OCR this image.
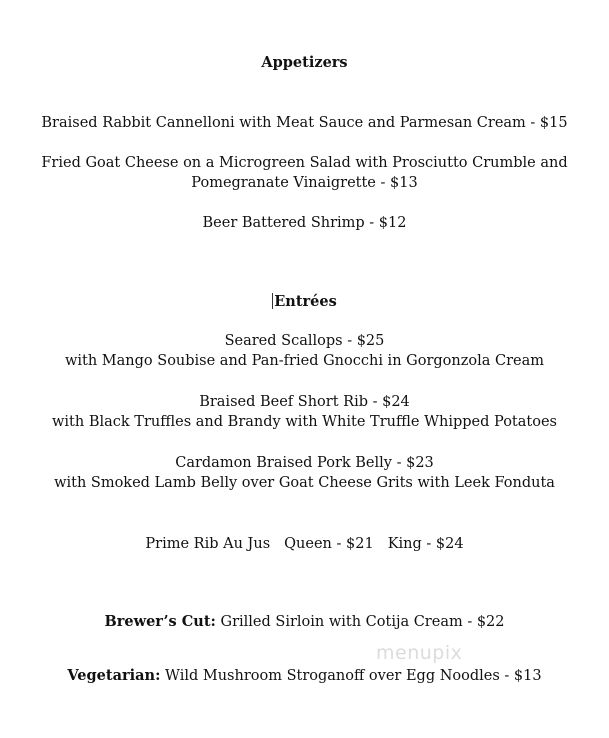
Appetizers
Braised Rabbit Cannelloni with Meat Sauce and Parmesan Cream - $15
Fried Goat Cheese on a Microgreen Salad with Prosciutto Crumble and
Pomegranate Vinaigrette - $13
Beer Battered Shrimp - $12
Entrées
Seared Scallops - $25
with Mango Soubise and Pan-fried Gnocchi in Gorgonzola Cream
Braised Beef Short Rib - $24
with Black Truffles and Brandy with White Truffle Whipped Potatoes
Cardamon Braised Pork Belly - $23
with Smoked Lamb Belly over Goat Cheese Grits with Leek Fonduta
Prime Rib Au Jus Queen - $21 King - $24
Brewer’s Cut: Grilled Sirloin with Cotija Cream - $22
Vegetarian: Wild Mushroom Stroganoff over Egg Noodles - $13
menupix
